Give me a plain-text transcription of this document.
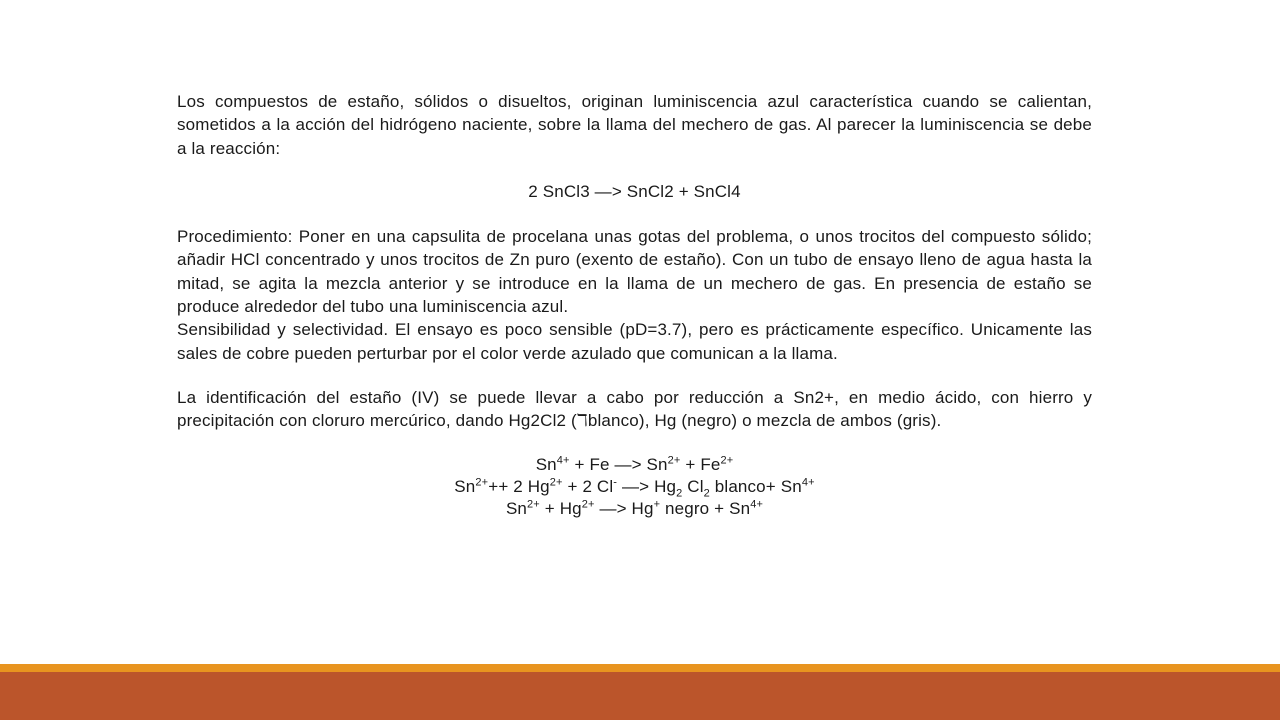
Los compuestos de estaño, sólidos o disueltos, originan luminiscencia azul característica cuando se calientan, sometidos a la acción del hidrógeno naciente, sobre la llama del mechero de gas. Al parecer la luminiscencia se debe a la reacción:

2 SnCl3 —> SnCl2 + SnCl4

Procedimiento: Poner en una capsulita de procelana unas gotas del problema, o unos trocitos del compuesto sólido; añadir HCl concentrado y unos trocitos de Zn puro (exento de estaño). Con un tubo de ensayo lleno de agua hasta la mitad, se agita la mezcla anterior y se introduce en la llama de un mechero de gas. En presencia de estaño se produce alrededor del tubo una luminiscencia azul.

Sensibilidad y selectividad. El ensayo es poco sensible (pD=3.7), pero es prácticamente específico. Unicamente las sales de cobre pueden perturbar por el color verde azulado que comunican a la llama.

La identificación del estaño (IV) se puede llevar a cabo por reducción a Sn2+, en medio ácido, con hierro y precipitación con cloruro mercúrico, dando Hg2Cl2 (ℸblanco), Hg (negro) o mezcla de ambos (gris).

$Sn^{4+} + Fe$ —> $Sn^{2+} + Fe^{2+}$
$Sn^{2+}++ 2$ $Hg^{2+} + 2$ Cl- —> $Hg_2$ $Cl_2$ blanco+ $Sn^{4+}$
$Sn^{2+} + Hg^{2+}$ —> Hg+ negro + $Sn^{4+}$
